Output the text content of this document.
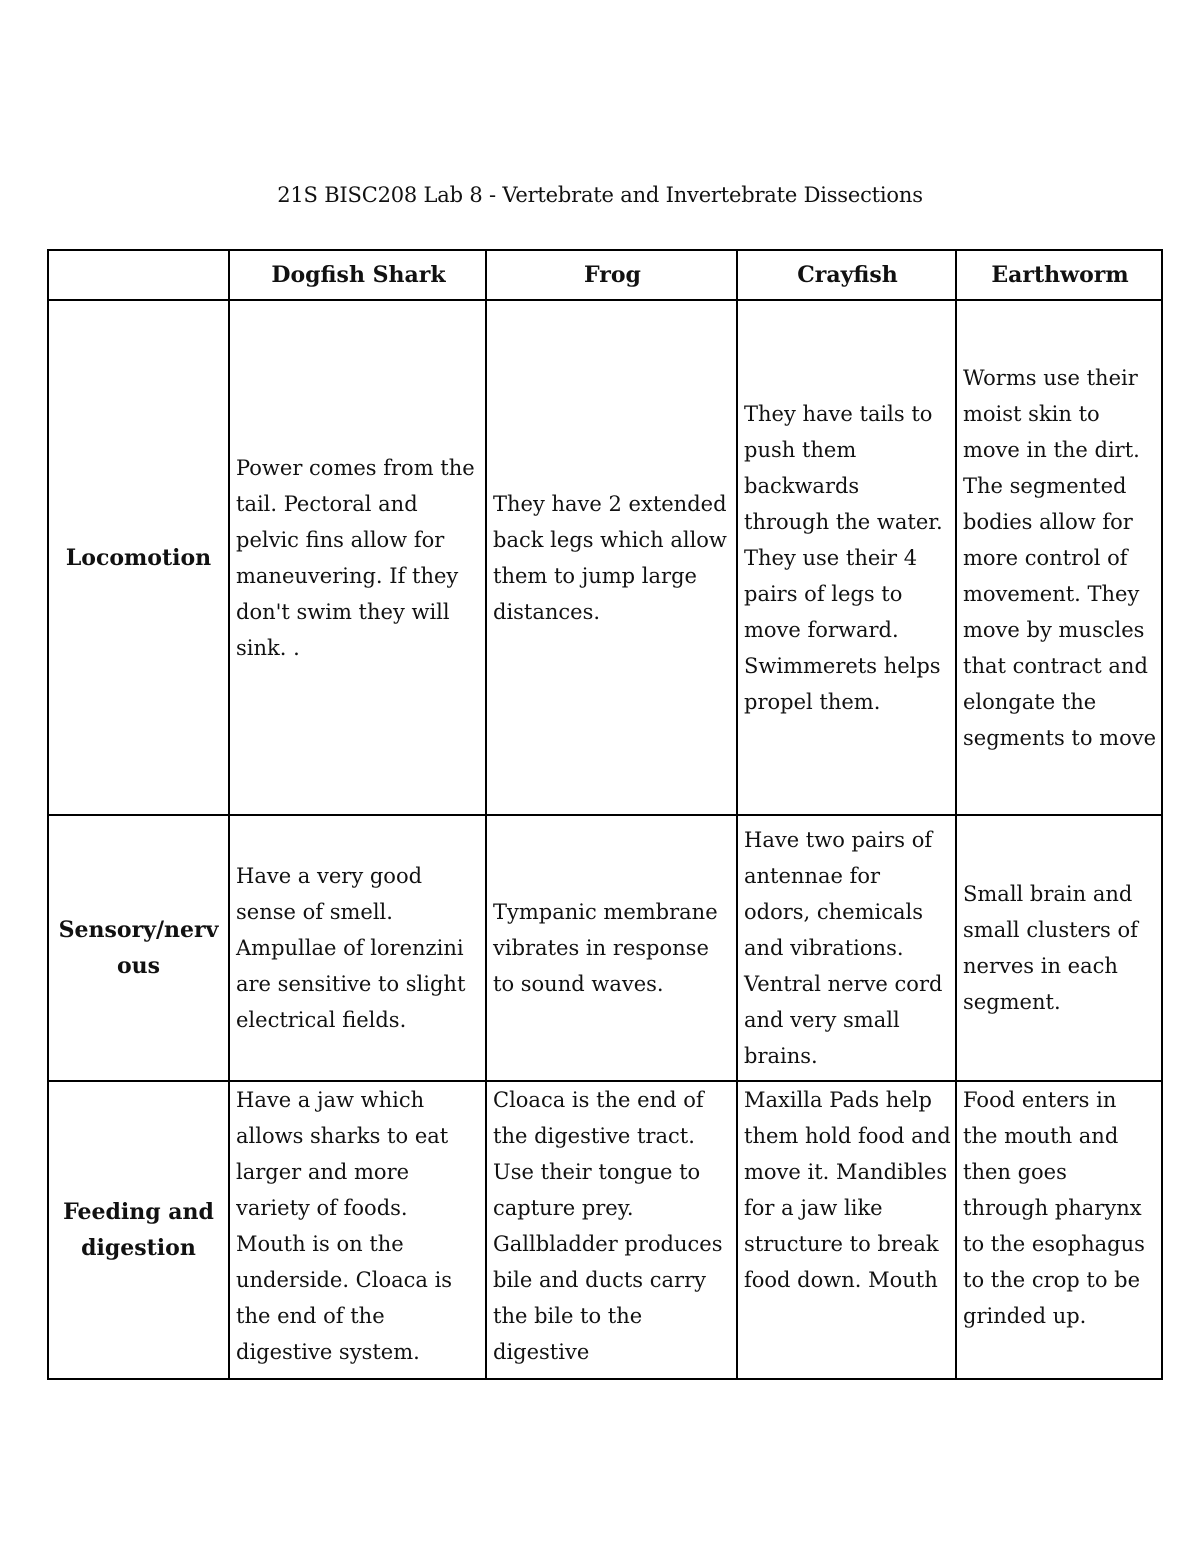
21S BISC208 Lab 8 - Vertebrate and Invertebrate Dissections
	Dogfish Shark	Frog	Crayfish	Earthworm
Locomotion	Power comes from the tail. Pectoral and pelvic fins allow for maneuvering. If they don't swim they will sink. .	They have 2 extended back legs which allow them to jump large distances.	They have tails to push them backwards through the water. They use their 4 pairs of legs to move forward. Swimmerets helps propel them.	Worms use their moist skin to move in the dirt. The segmented bodies allow for more control of movement. They move by muscles that contract and elongate the segments to move
Sensory/nervous	Have a very good sense of smell. Ampullae of lorenzini are sensitive to slight electrical fields.	Tympanic membrane vibrates in response to sound waves.	Have two pairs of antennae for odors, chemicals and vibrations. Ventral nerve cord and very small brains.	Small brain and small clusters of nerves in each segment.
Feeding and digestion	Have a jaw which allows sharks to eat larger and more variety of foods. Mouth is on the underside. Cloaca is the end of the digestive system.	Cloaca is the end of the digestive tract. Use their tongue to capture prey. Gallbladder produces bile and ducts carry the bile to the digestive	Maxilla Pads help them hold food and move it. Mandibles for a jaw like structure to break food down. Mouth	Food enters in the mouth and then goes through pharynx to the esophagus to the crop to be grinded up.
